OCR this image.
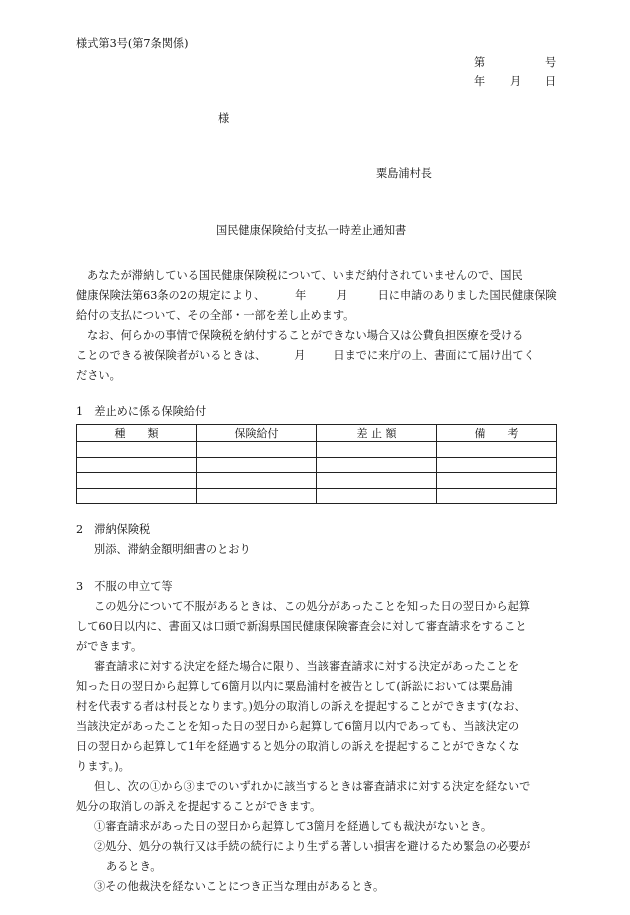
様式第3号(第7条関係)
第	号
年 月 日
様
粟島浦村長
国民健康保険給付支払一時差止通知書
あなたが滞納している国民健康保険税について、いまだ納付されていませんので、国民
健康保険法第63条の2の規定により、	年	月	日に申請のありました国民健康保険
給付の支払について、その全部・一部を差し止めます。
なお、何らかの事情で保険税を納付することができない場合又は公費負担医療を受ける
ことのできる被保険者がいるときは、	月	日までに来庁の上、書面にて届け出てく
ださい。
1　差止めに係る保険給付
種　　類	保険給付	差 止 額	備　　考

2　滞納保険税
別添、滞納金額明細書のとおり
3　不服の申立て等
この処分について不服があるときは、この処分があったことを知った日の翌日から起算
して60日以内に、書面又は口頭で新潟県国民健康保険審査会に対して審査請求をすること
ができます。
審査請求に対する決定を経た場合に限り、当該審査請求に対する決定があったことを
知った日の翌日から起算して6箇月以内に粟島浦村を被告として(訴訟においては粟島浦
村を代表する者は村長となります。)処分の取消しの訴えを提起することができます(なお、
当該決定があったことを知った日の翌日から起算して6箇月以内であっても、当該決定の
日の翌日から起算して1年を経過すると処分の取消しの訴えを提起することができなくな
ります。)。
但し、次の①から③までのいずれかに該当するときは審査請求に対する決定を経ないで
処分の取消しの訴えを提起することができます。
①審査請求があった日の翌日から起算して3箇月を経過しても裁決がないとき。
②処分、処分の執行又は手続の続行により生ずる著しい損害を避けるため緊急の必要が
あるとき。
③その他裁決を経ないことにつき正当な理由があるとき。
